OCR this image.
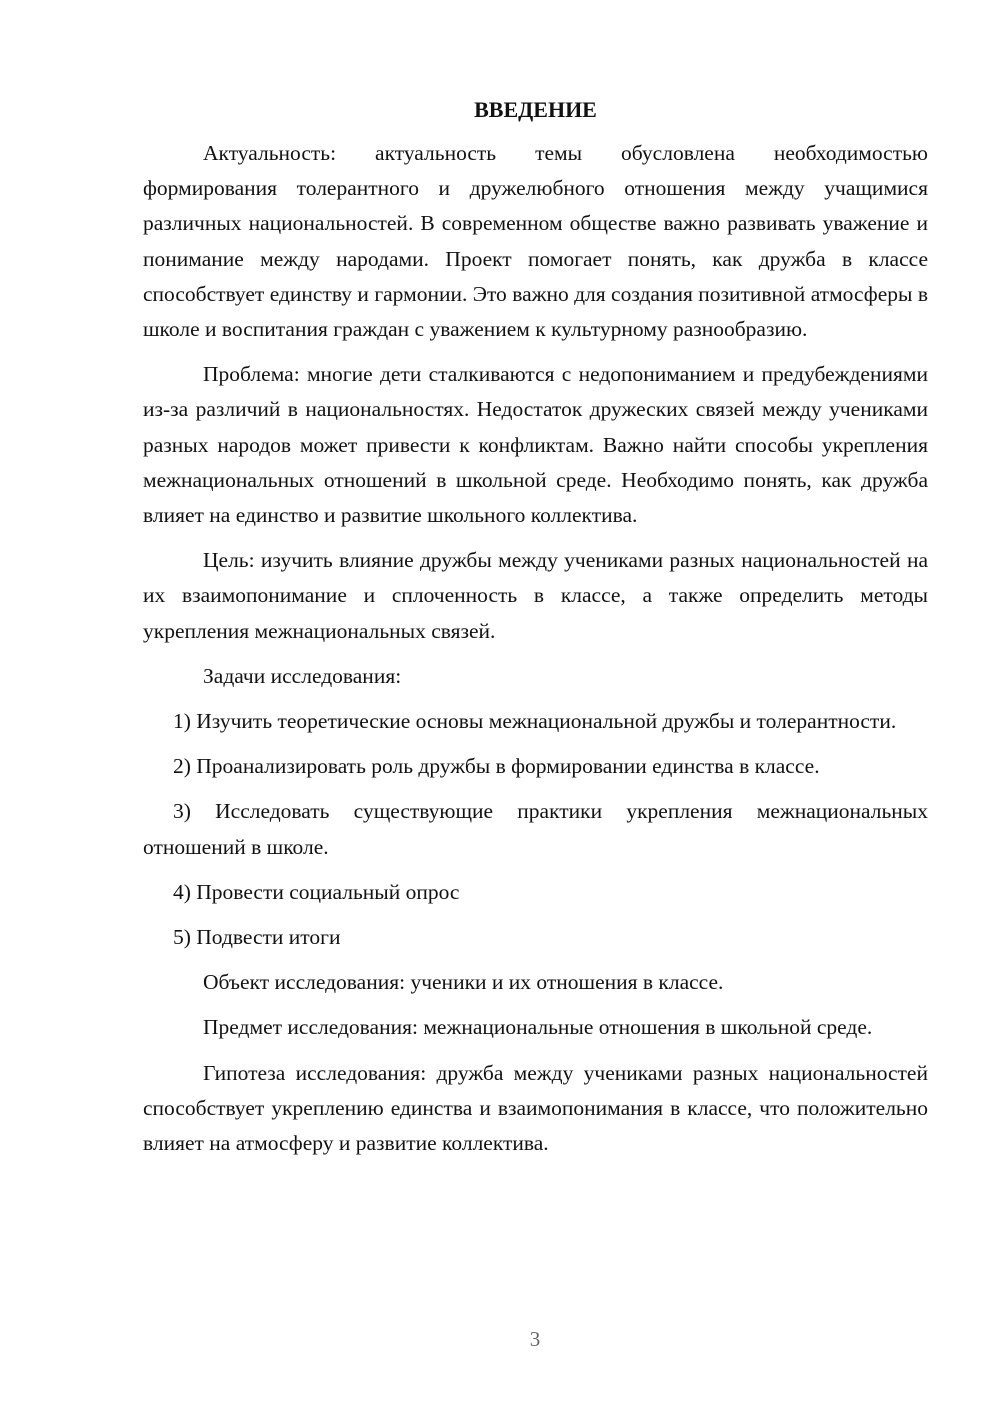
ВВЕДЕНИЕ

Актуальность: актуальность темы обусловлена необходимостью формирования толерантного и дружелюбного отношения между учащимися различных национальностей. В современном обществе важно развивать уважение и понимание между народами. Проект помогает понять, как дружба в классе способствует единству и гармонии. Это важно для создания позитивной атмосферы в школе и воспитания граждан с уважением к культурному разнообразию.

Проблема: многие дети сталкиваются с недопониманием и предубеждениями из-за различий в национальностях. Недостаток дружеских связей между учениками разных народов может привести к конфликтам. Важно найти способы укрепления межнациональных отношений в школьной среде. Необходимо понять, как дружба влияет на единство и развитие школьного коллектива.

Цель: изучить влияние дружбы между учениками разных национальностей на их взаимопонимание и сплоченность в классе, а также определить методы укрепления межнациональных связей.

Задачи исследования:

1) Изучить теоретические основы межнациональной дружбы и толерантности.

2) Проанализировать роль дружбы в формировании единства в классе.

3) Исследовать существующие практики укрепления межнациональных отношений в школе.

4) Провести социальный опрос

5) Подвести итоги

Объект исследования: ученики и их отношения в классе.

Предмет исследования: межнациональные отношения в школьной среде.

Гипотеза исследования: дружба между учениками разных национальностей способствует укреплению единства и взаимопонимания в классе, что положительно влияет на атмосферу и развитие коллектива.

3
